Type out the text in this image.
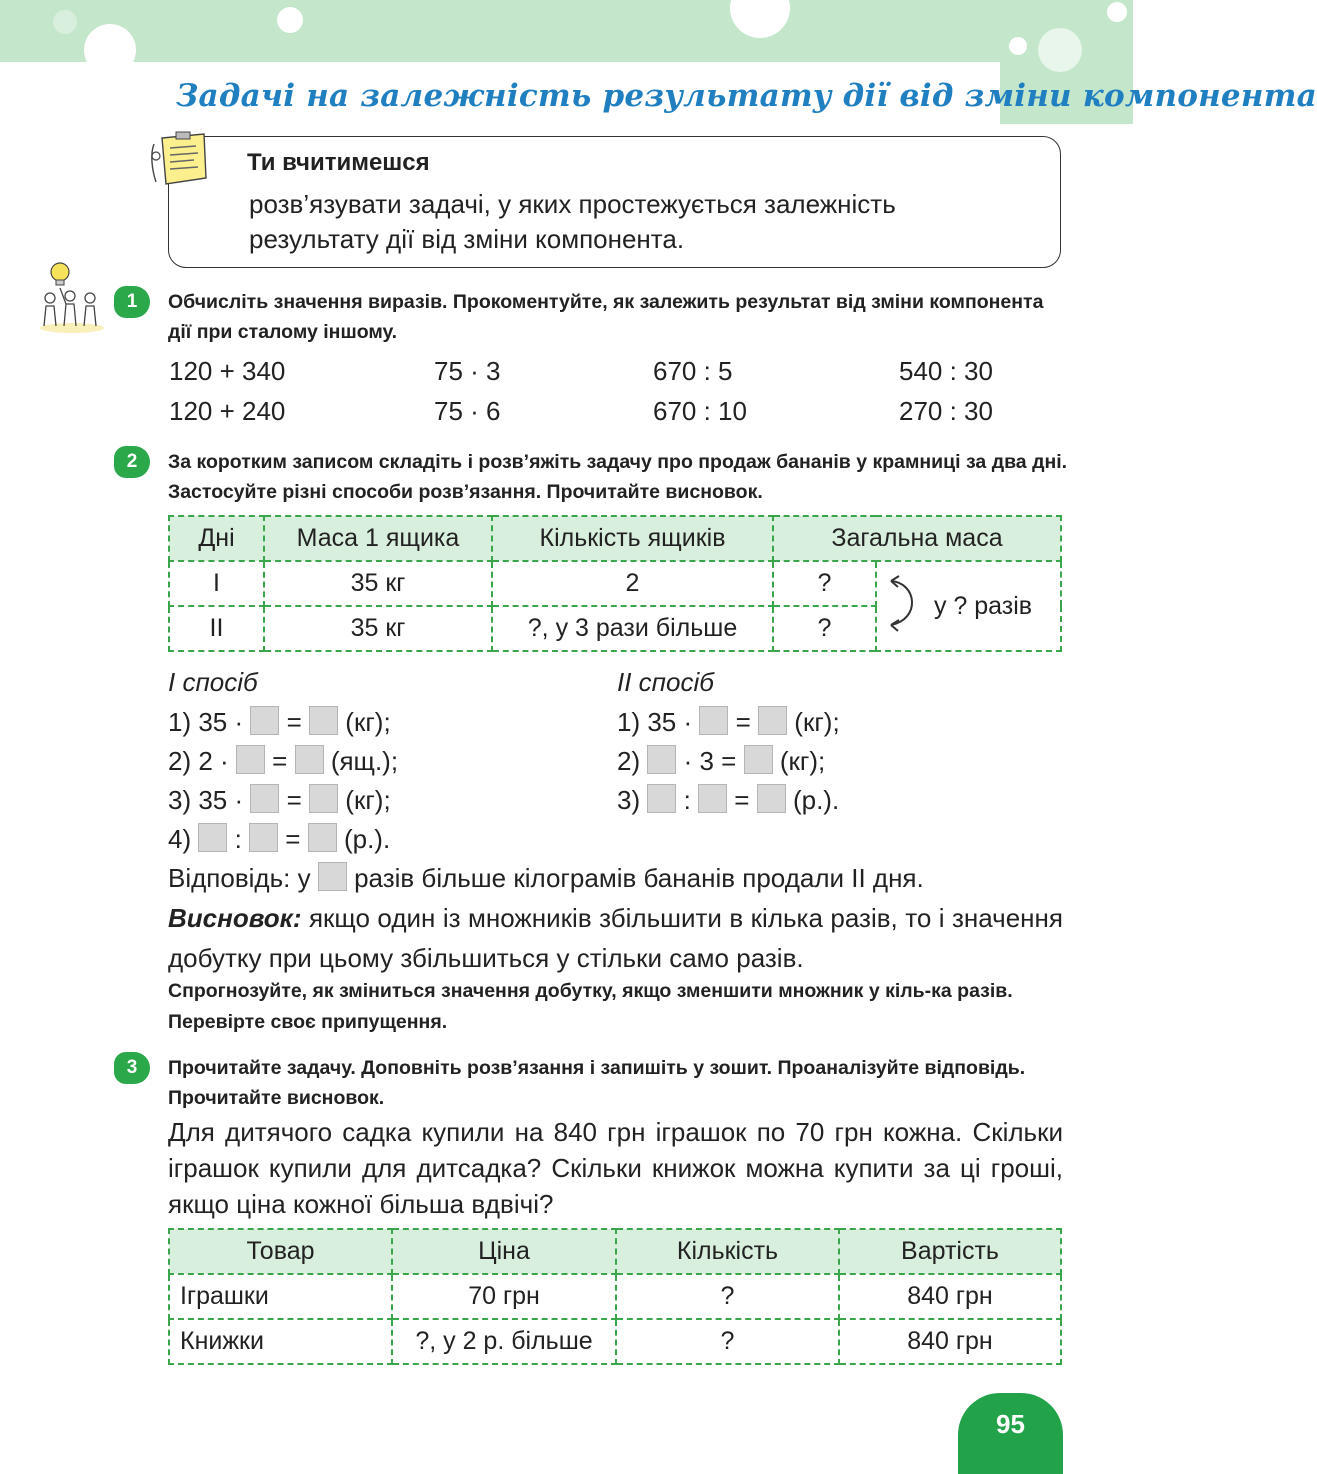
Задачі на залежність результату дії від зміни компонента
Ти вчитимешся
розв’язувати задачі, у яких простежується залежність результату дії від зміни компонента.
1	Обчисліть значення виразів. Прокоментуйте, як залежить результат від зміни компонента дії при сталому іншому.
120 + 340	75 · 3	670 : 5	540 : 30
120 + 240	75 · 6	670 : 10	270 : 30
2	За коротким записом складіть і розв’яжіть задачу про продаж бананів у крамниці за два дні. Застосуйте різні способи розв’язання. Прочитайте висновок.
Дні	Маса 1 ящика	Кількість ящиків	Загальна маса	
I	35 кг	2	?	у ? разів
II	35 кг	?, у 3 рази більше	?	
I спосіб
1) 35 · = (кг);
2) 2 · = (ящ.);
3) 35 · = (кг);
4) : = (р.).
II спосіб
1) 35 · = (кг);
2) · 3 = (кг);
3) : = (р.).
Відповідь: у разів більше кілограмів бананів продали II дня.
Висновок: якщо один із множників збільшити в кілька разів, то і значення добутку при цьому збільшиться у стільки само разів.
Спрогнозуйте, як зміниться значення добутку, якщо зменшити множник у кіль-ка разів. Перевірте своє припущення.
3	Прочитайте задачу. Доповніть розв’язання і запишіть у зошит. Проаналізуйте відповідь. Прочитайте висновок.
Для дитячого садка купили на 840 грн іграшок по 70 грн кожна. Скільки іграшок купили для дитсадка? Скільки книжок можна купити за ці гроші, якщо ціна кожної більша вдвічі?
Товар	Ціна	Кількість	Вартість
Іграшки	70 грн	?	840 грн
Книжки	?, у 2 р. більше	?	840 грн
95
